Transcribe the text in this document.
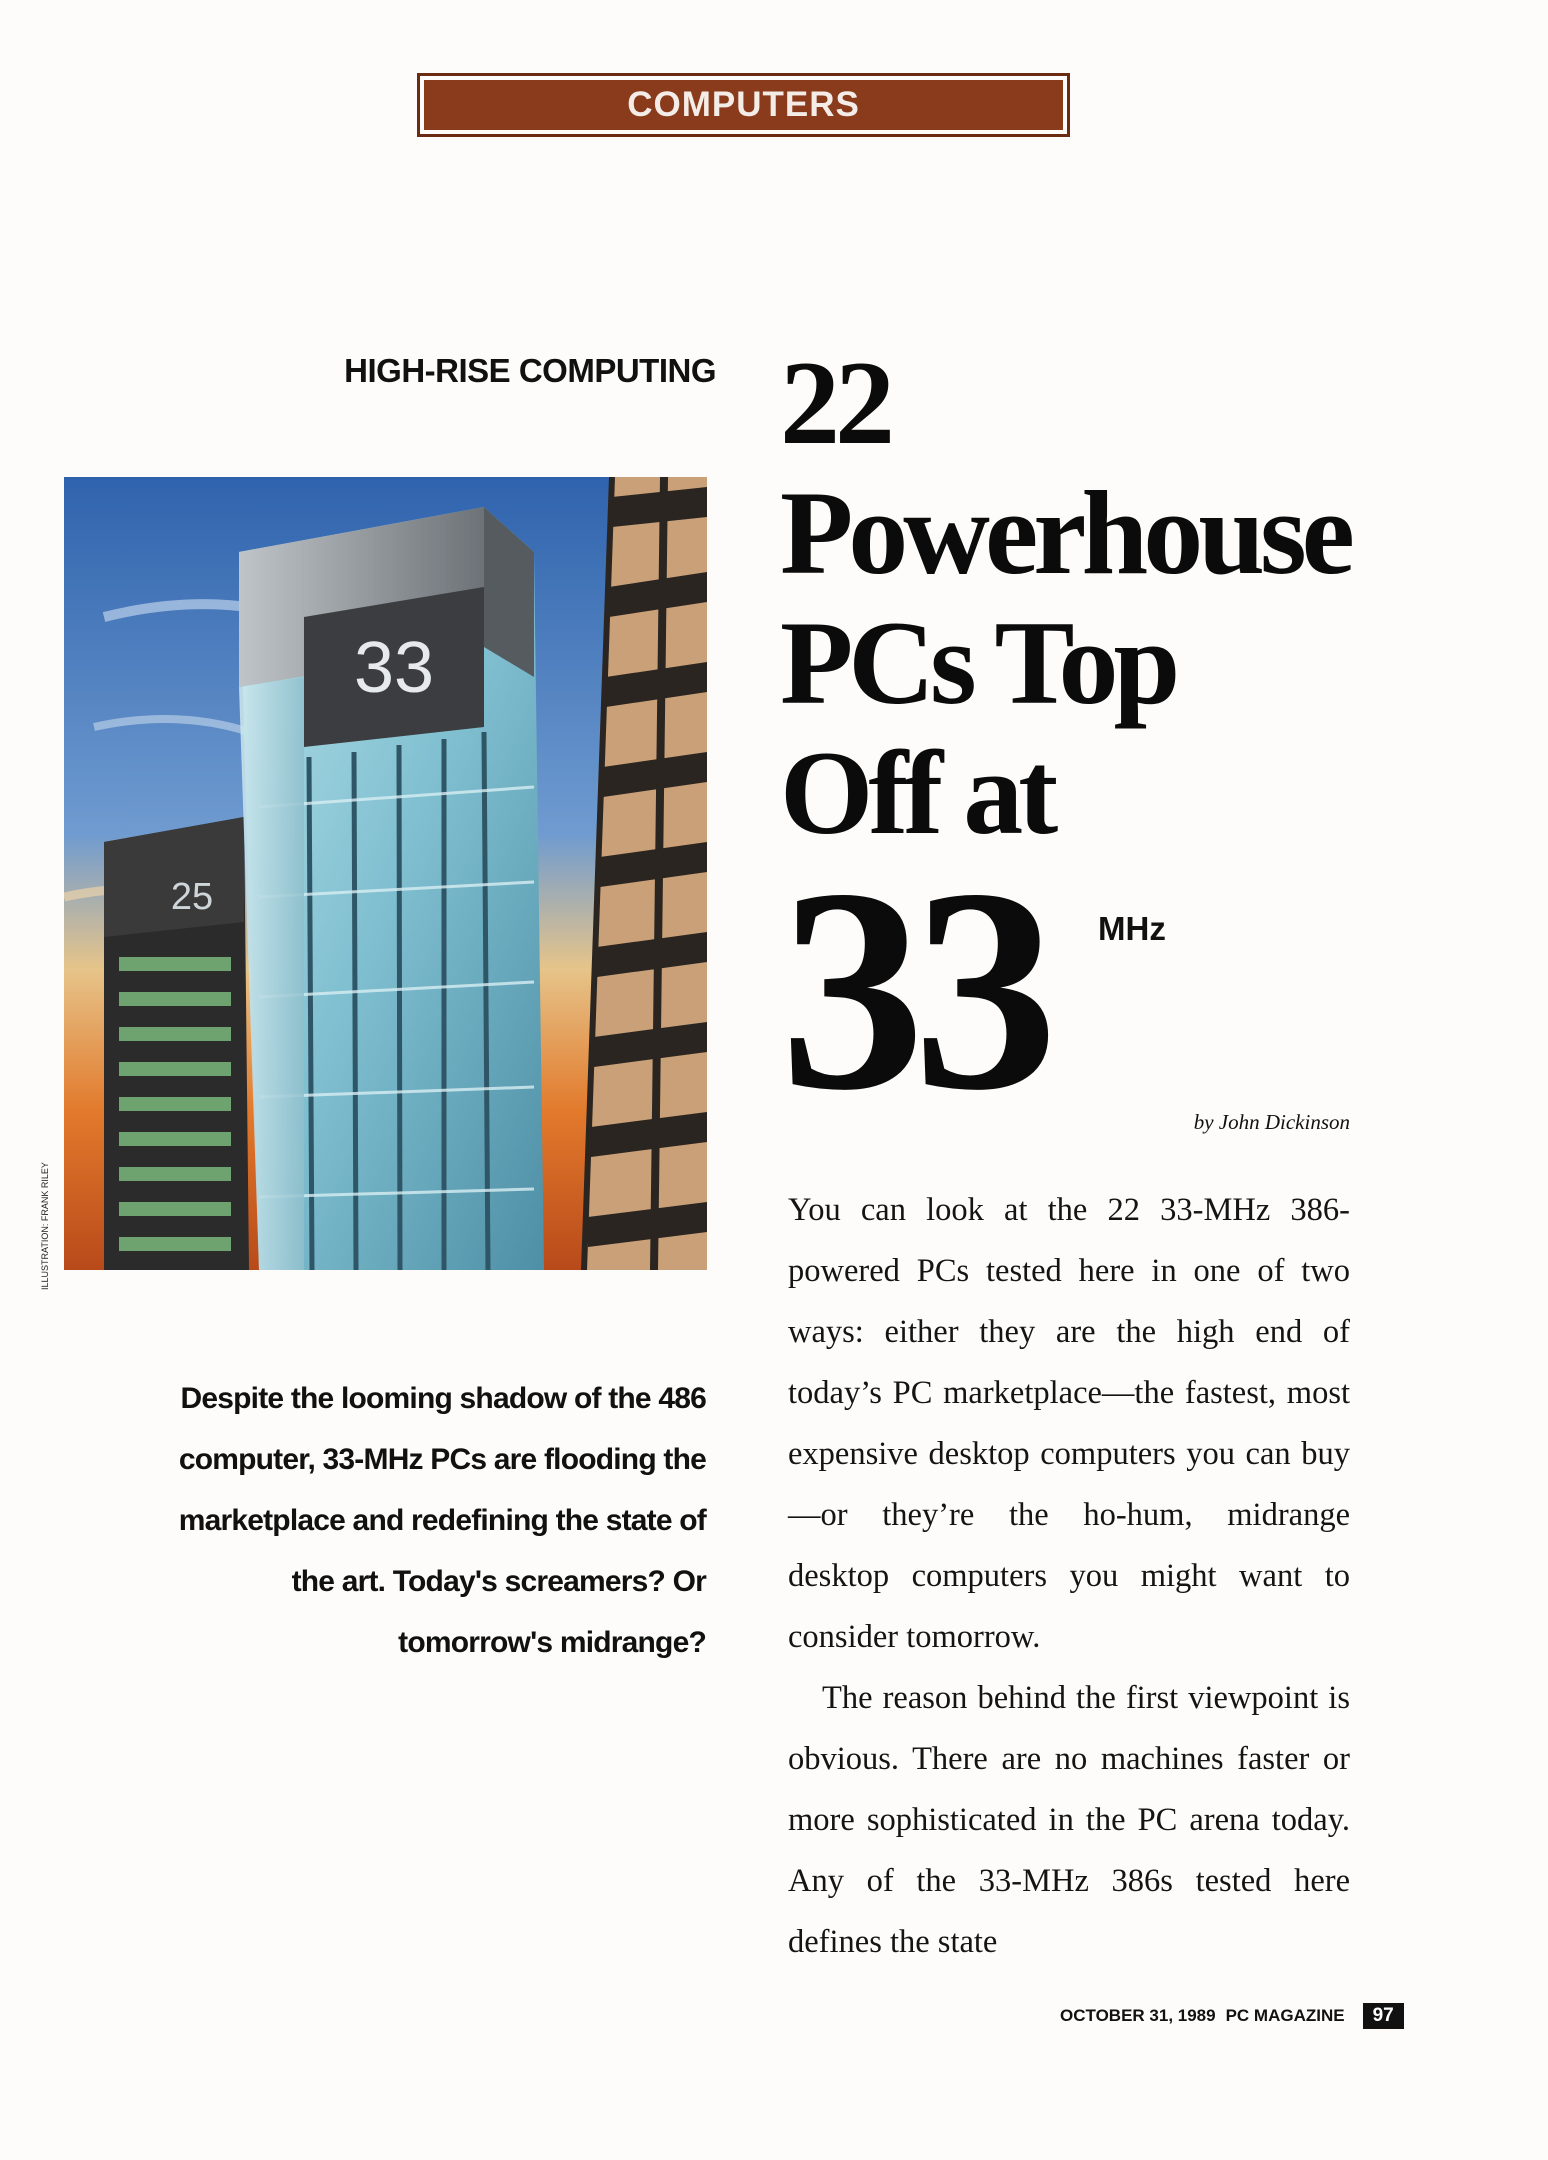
COMPUTERS
HIGH-RISE COMPUTING
25
33
ILLUSTRATION: FRANK RILEY
Despite the looming shadow of the 486 computer, 33-MHz PCs are flooding the marketplace and redefining the state of the art. Today's screamers? Or tomorrow's midrange?
22
Powerhouse
PCs Top
Off at
33 MHz
by John Dickinson

You can look at the 22 33-MHz 386-powered PCs tested here in one of two ways: either they are the high end of today’s PC marketplace—the fastest, most expensive desktop computers you can buy—or they’re the ho-hum, midrange desktop computers you might want to consider tomorrow.

The reason behind the first viewpoint is obvious. There are no machines faster or more sophisticated in the PC arena today. Any of the 33-MHz 386s tested here defines the state

OCTOBER 31, 1989 PC MAGAZINE	97
